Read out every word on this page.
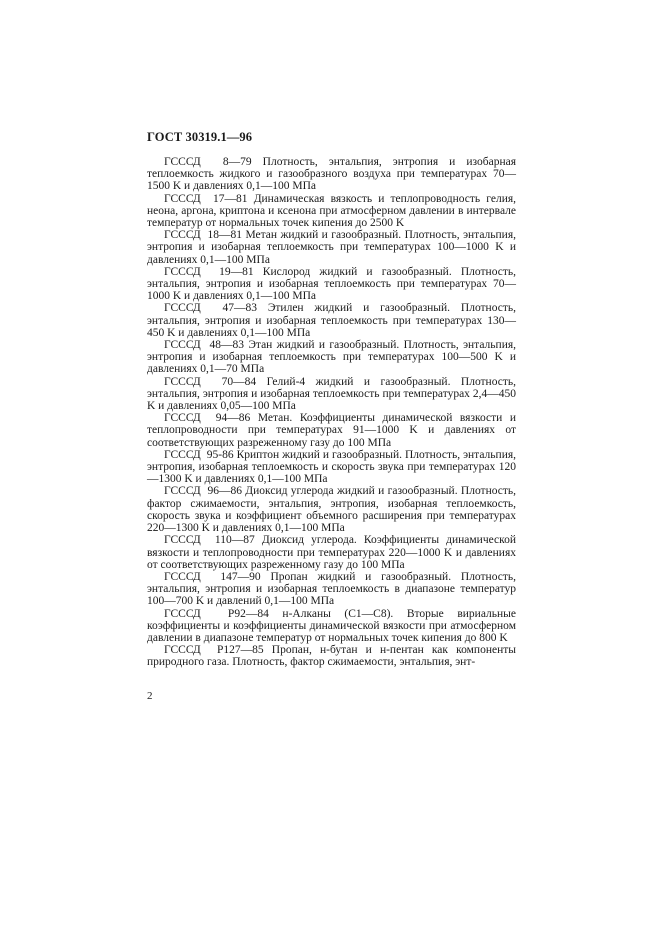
ГОСТ 30319.1—96

ГСССД  8—79 Плотность, энтальпия, энтропия и изобарная теплоемкость жидкого и газообразного воздуха при температурах 70—1500 K и давлениях 0,1—100 МПа

ГСССД  17—81 Динамическая вязкость и теплопроводность гелия, неона, аргона, криптона и ксенона при атмосферном давлении в интервале температур от нормальных точек кипения до 2500 K

ГСССД  18—81 Метан жидкий и газообразный. Плотность, энтальпия, энтропия и изобарная теплоемкость при температурах 100—1000 K и давлениях 0,1—100 МПа

ГСССД  19—81 Кислород жидкий и газообразный. Плотность, энтальпия, энтропия и изобарная теплоемкость при температурах 70—1000 K и давлениях 0,1—100 МПа

ГСССД  47—83 Этилен жидкий и газообразный. Плотность, энтальпия, энтропия и изобарная теплоемкость при температурах 130—450 K и давлениях 0,1—100 МПа

ГСССД  48—83 Этан жидкий и газообразный. Плотность, энтальпия, энтропия и изобарная теплоемкость при температурах 100—500 K и давлениях 0,1—70 МПа

ГСССД  70—84 Гелий-4 жидкий и газообразный. Плотность, энтальпия, энтропия и изобарная теплоемкость при температурах 2,4—450 K и давлениях 0,05—100 МПа

ГСССД  94—86 Метан. Коэффициенты динамической вязкости и теплопроводности при температурах 91—1000 K и давлениях от соответствующих разреженному газу до 100 МПа

ГСССД  95-86 Криптон жидкий и газообразный. Плотность, энтальпия, энтропия, изобарная теплоемкость и скорость звука при температурах 120—1300 K и давлениях 0,1—100 МПа

ГСССД  96—86 Диоксид углерода жидкий и газообразный. Плотность, фактор сжимаемости, энтальпия, энтропия, изобарная теплоемкость, скорость звука и коэффициент объемного расширения при температурах 220—1300 K и давлениях 0,1—100 МПа

ГСССД  110—87 Диоксид углерода. Коэффициенты динамической вязкости и теплопроводности при температурах 220—1000 K и давлениях от соответствующих разреженному газу до 100 МПа

ГСССД  147—90 Пропан жидкий и газообразный. Плотность, энтальпия, энтропия и изобарная теплоемкость в диапазоне температур 100—700 K и давлений 0,1—100 МПа

ГСССД  Р92—84 н-Алканы (С1—С8). Вторые вириальные коэффициенты и коэффициенты динамической вязкости при атмосферном давлении в диапазоне температур от нормальных точек кипения до 800 K

ГСССД  Р127—85 Пропан, н-бутан и н-пентан как компоненты природного газа. Плотность, фактор сжимаемости, энтальпия, энт-

2
